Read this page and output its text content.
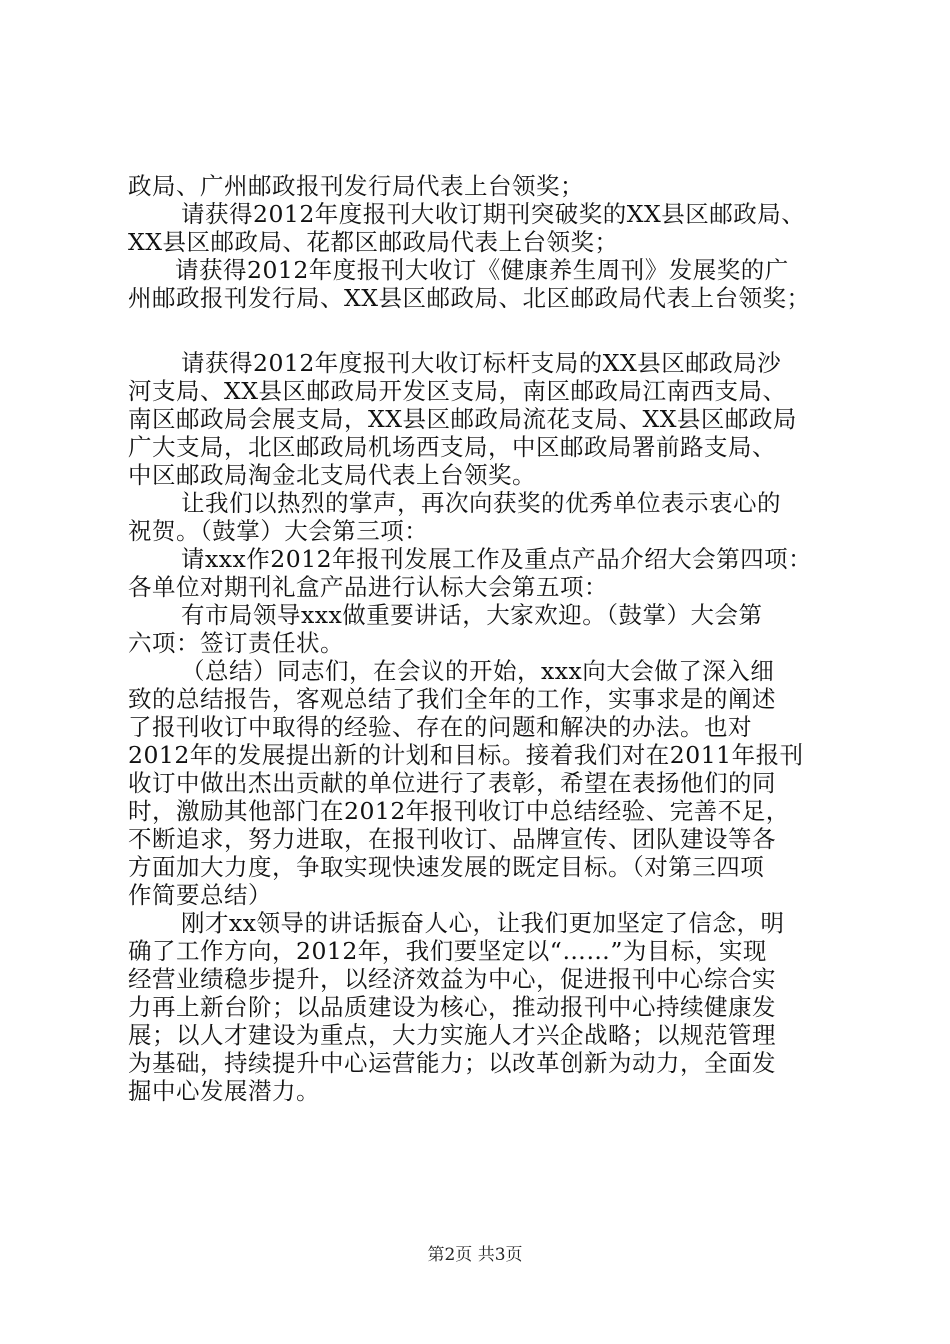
政局、广州邮政报刊发行局代表上台领奖；
请获得2012年度报刊大收订期刊突破奖的XX县区邮政局、
XX县区邮政局、花都区邮政局代表上台领奖；
请获得2012年度报刊大收订《健康养生周刊》发展奖的广
州邮政报刊发行局、XX县区邮政局、北区邮政局代表上台领奖；
请获得2012年度报刊大收订标杆支局的XX县区邮政局沙
河支局、XX县区邮政局开发区支局，南区邮政局江南西支局、
南区邮政局会展支局，XX县区邮政局流花支局、XX县区邮政局
广大支局，北区邮政局机场西支局，中区邮政局署前路支局、
中区邮政局淘金北支局代表上台领奖。
让我们以热烈的掌声，再次向获奖的优秀单位表示衷心的
祝贺。（鼓掌）大会第三项：
请xxx作2012年报刊发展工作及重点产品介绍大会第四项：
各单位对期刊礼盒产品进行认标大会第五项：
有市局领导xxx做重要讲话，大家欢迎。（鼓掌）大会第
六项：签订责任状。
（总结）同志们，在会议的开始，xxx向大会做了深入细
致的总结报告，客观总结了我们全年的工作，实事求是的阐述
了报刊收订中取得的经验、存在的问题和解决的办法。也对
2012年的发展提出新的计划和目标。接着我们对在2011年报刊
收订中做出杰出贡献的单位进行了表彰，希望在表扬他们的同
时，激励其他部门在2012年报刊收订中总结经验、完善不足，
不断追求，努力进取，在报刊收订、品牌宣传、团队建设等各
方面加大力度，争取实现快速发展的既定目标。（对第三四项
作简要总结）
刚才xx领导的讲话振奋人心，让我们更加坚定了信念，明
确了工作方向，2012年，我们要坚定以“……”为目标，实现
经营业绩稳步提升，以经济效益为中心，促进报刊中心综合实
力再上新台阶；以品质建设为核心，推动报刊中心持续健康发
展；以人才建设为重点，大力实施人才兴企战略；以规范管理
为基础，持续提升中心运营能力；以改革创新为动力，全面发
掘中心发展潜力。
第2页 共3页
